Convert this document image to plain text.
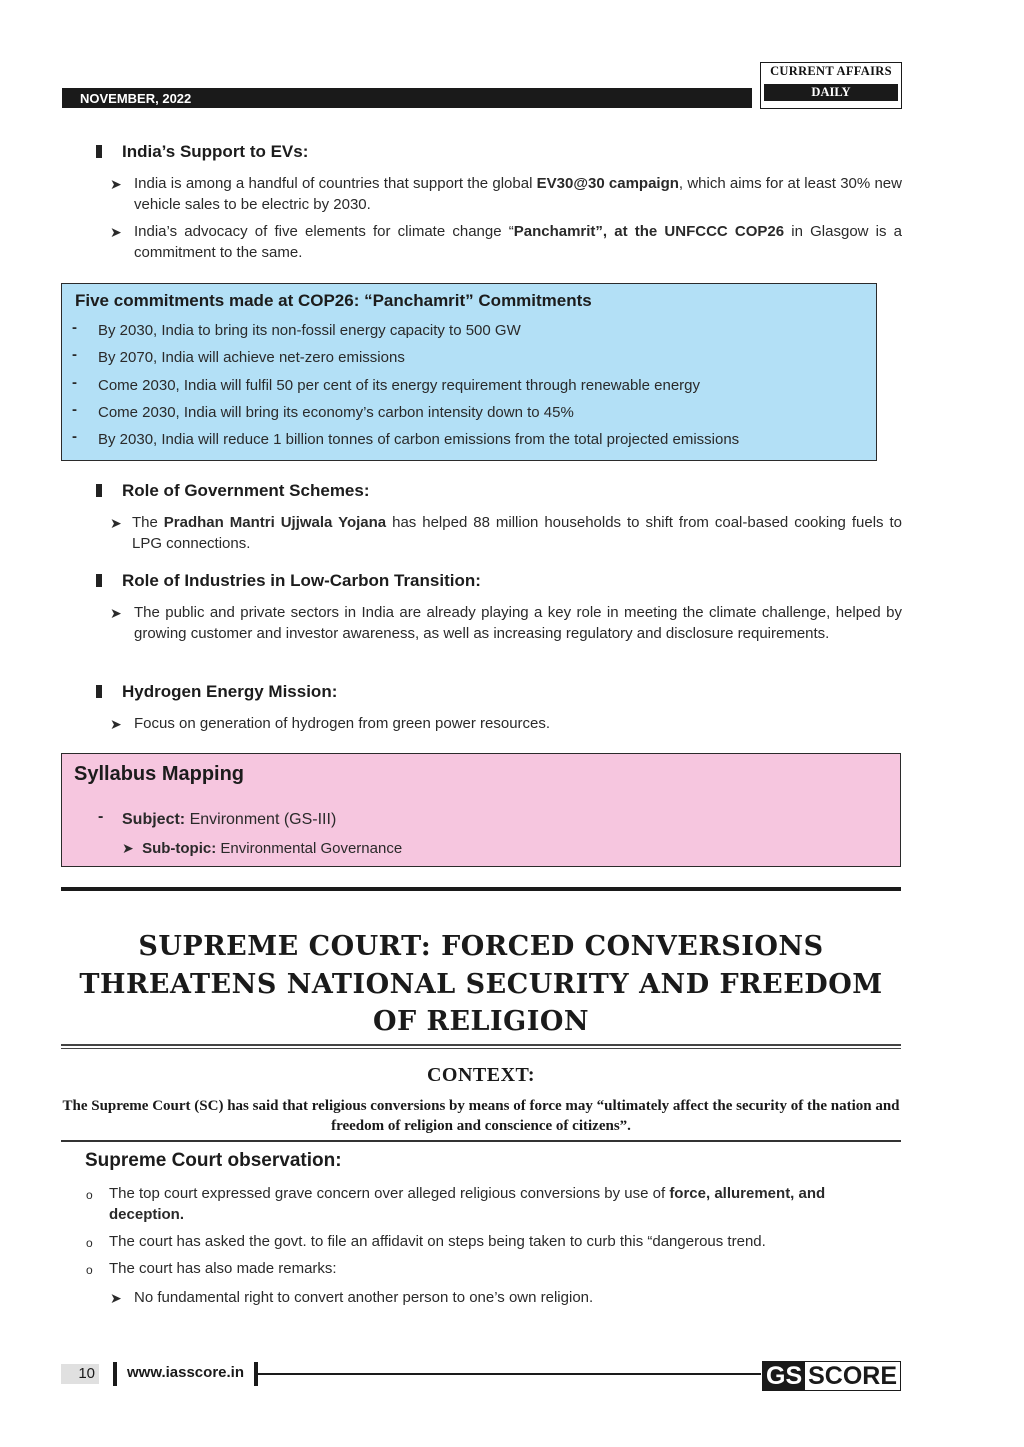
NOVEMBER, 2022
CURRENT AFFAIRS
DAILY
India’s Support to EVs:
➤ India is among a handful of countries that support the global EV30@30 campaign, which aims for at least 30% new vehicle sales to be electric by 2030.
➤ India’s advocacy of five elements for climate change “Panchamrit”, at the UNFCCC COP26 in Glasgow is a commitment to the same.
Five commitments made at COP26: “Panchamrit” Commitments
- By 2030, India to bring its non-fossil energy capacity to 500 GW
- By 2070, India will achieve net-zero emissions
- Come 2030, India will fulfil 50 per cent of its energy requirement through renewable energy
- Come 2030, India will bring its economy’s carbon intensity down to 45%
- By 2030, India will reduce 1 billion tonnes of carbon emissions from the total projected emissions
Role of Government Schemes:
➤ The Pradhan Mantri Ujjwala Yojana has helped 88 million households to shift from coal-based cooking fuels to LPG connections.
Role of Industries in Low-Carbon Transition:
➤ The public and private sectors in India are already playing a key role in meeting the climate challenge, helped by growing customer and investor awareness, as well as increasing regulatory and disclosure requirements.
Hydrogen Energy Mission:
➤ Focus on generation of hydrogen from green power resources.
Syllabus Mapping
- Subject: Environment (GS-III)
➤ Sub-topic: Environmental Governance
SUPREME COURT: FORCED CONVERSIONS
THREATENS NATIONAL SECURITY AND FREEDOM
OF RELIGION
CONTEXT:
The Supreme Court (SC) has said that religious conversions by means of force may “ultimately affect the security of the nation and freedom of religion and conscience of citizens”.
Supreme Court observation:
o	The top court expressed grave concern over alleged religious conversions by use of force, allurement, and deception.
o	The court has asked the govt. to file an affidavit on steps being taken to curb this “dangerous trend.
o	The court has also made remarks:
➤ No fundamental right to convert another person to one’s own religion.
10 www.iasscore.in	GS SCORE
